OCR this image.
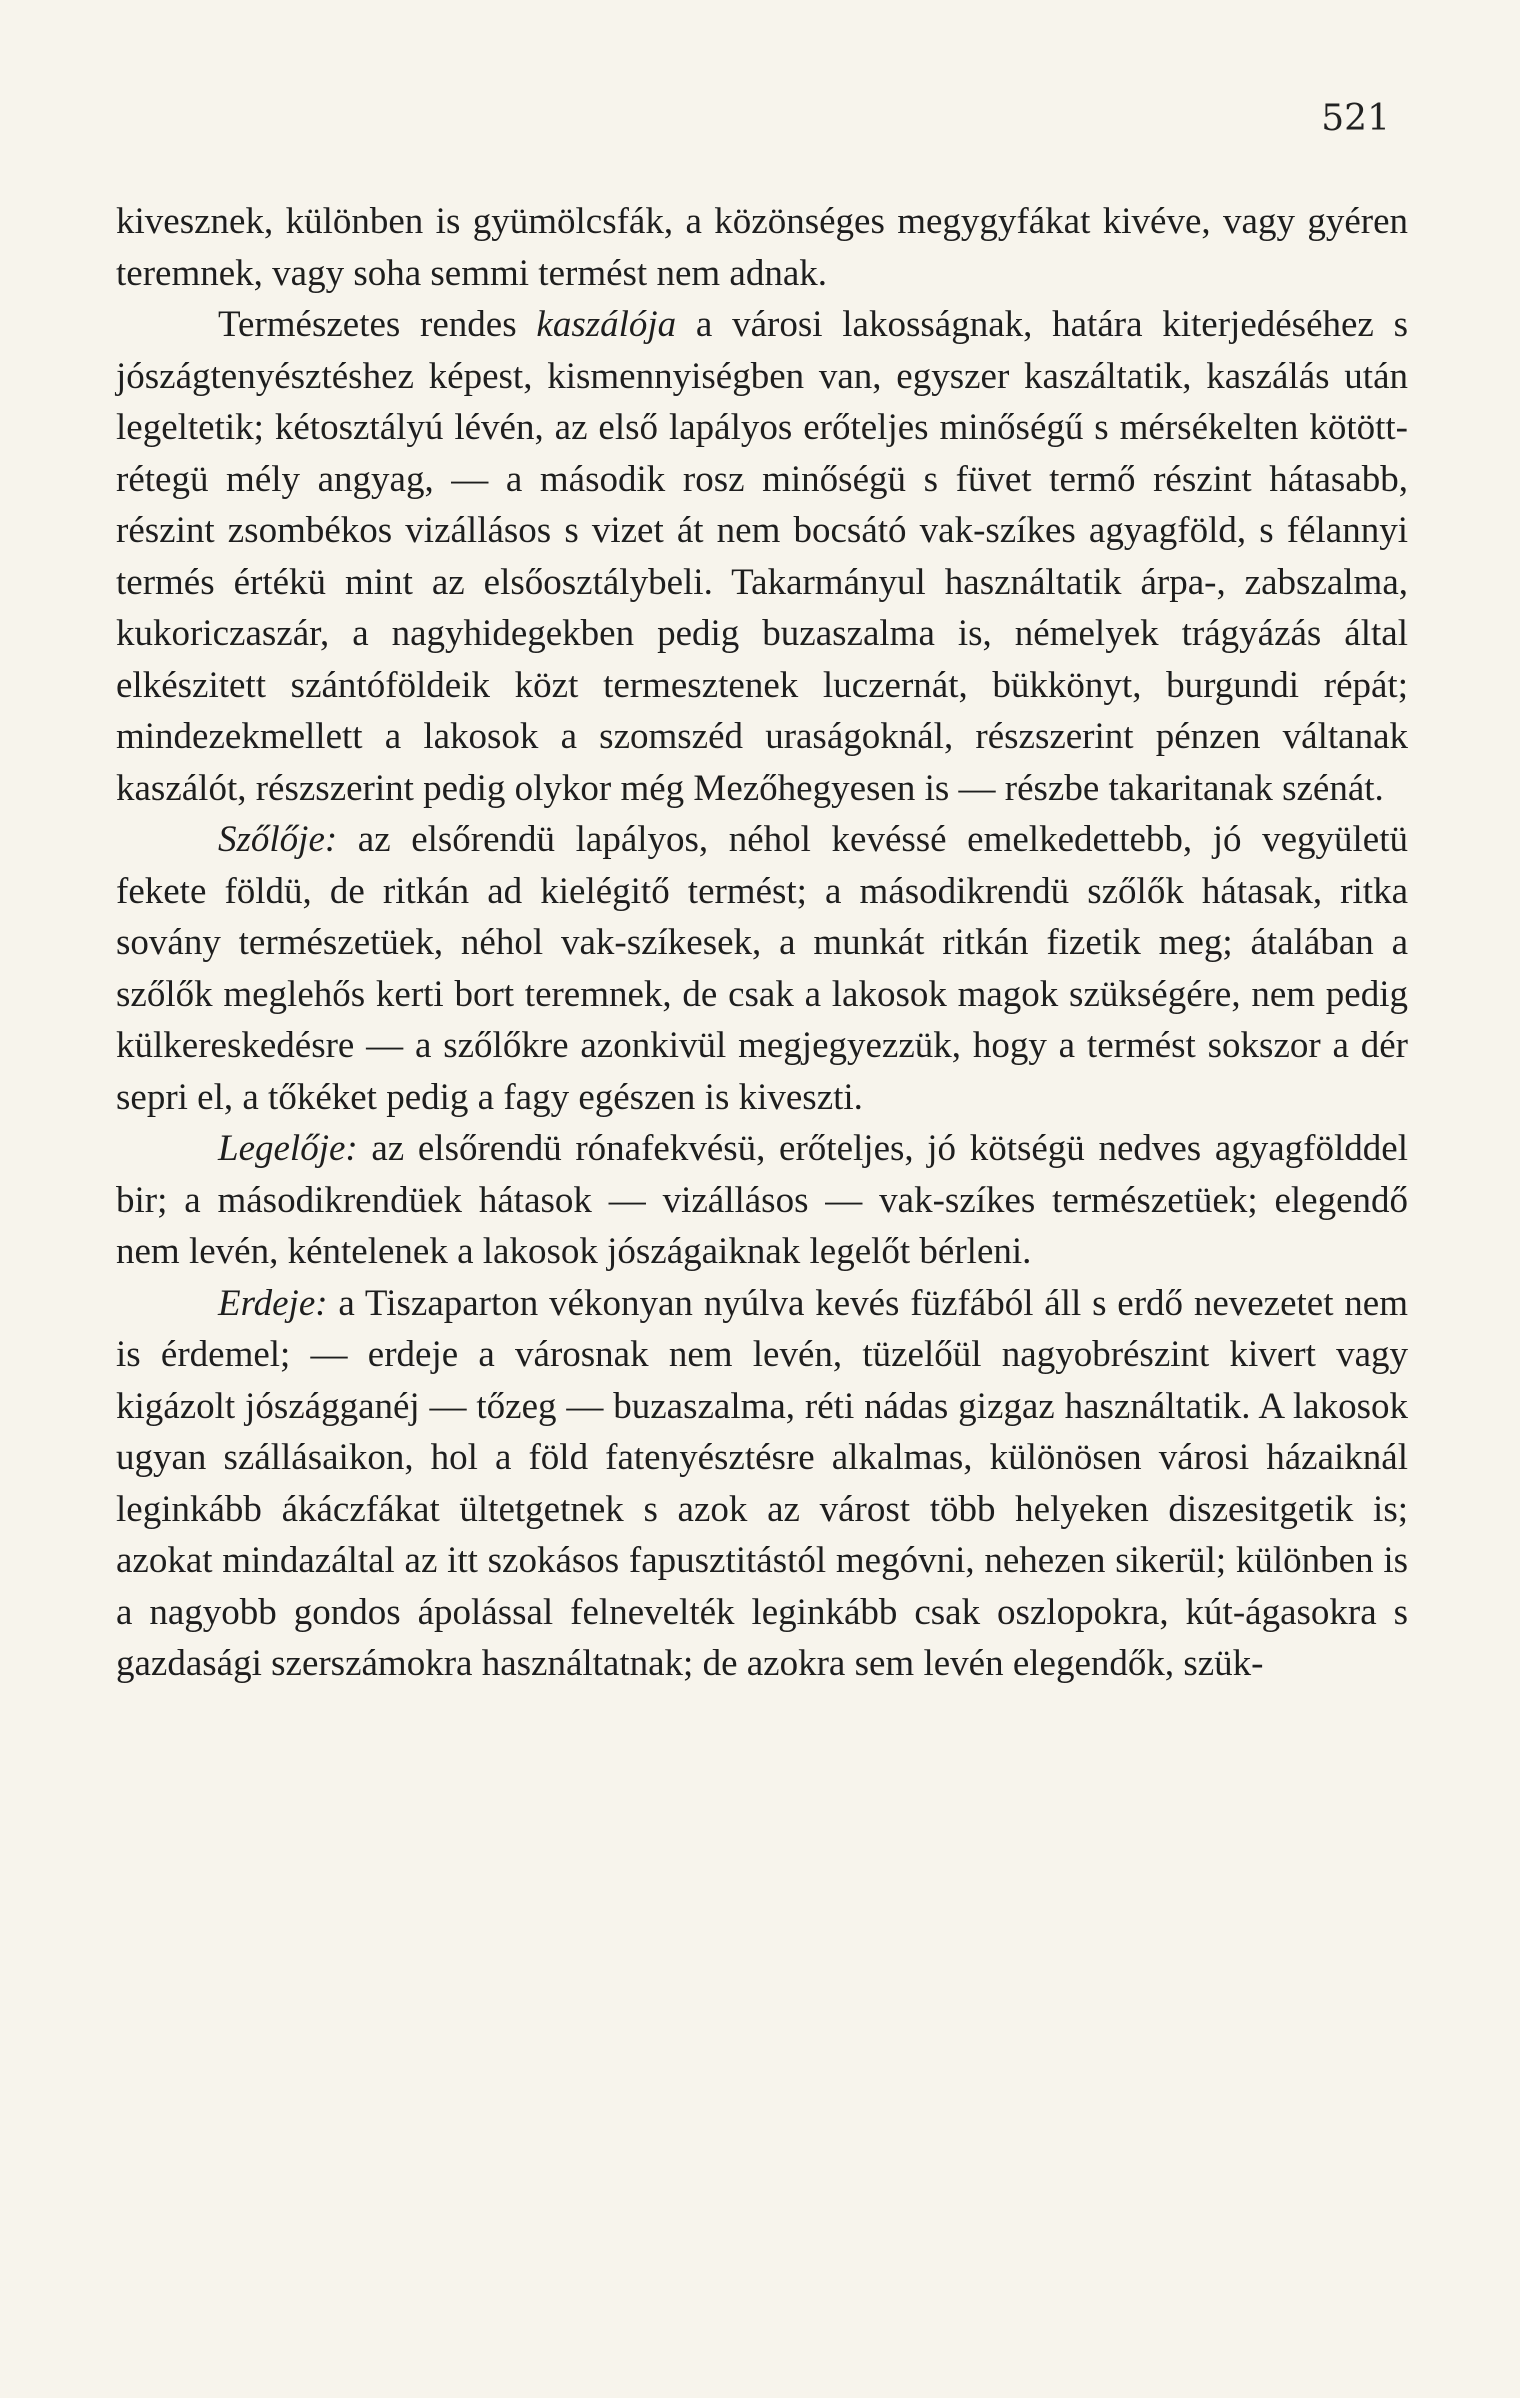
521

kivesznek, különben is gyümölcsfák, a közönséges megygyfákat kivéve, vagy gyéren teremnek, vagy soha semmi termést nem adnak.

Természetes rendes kaszálója a városi lakosságnak, határa kiterjedéséhez s jószágtenyésztéshez képest, kismennyiségben van, egyszer kaszáltatik, kaszálás után legeltetik; kétosztályú lévén, az első lapályos erőteljes minőségű s mérsékelten kötött-rétegü mély angyag, — a második rosz minőségü s füvet termő részint hátasabb, részint zsombékos vizállásos s vizet át nem bocsátó vak-szíkes agyagföld, s félannyi termés értékü mint az elsőosztálybeli. Takarmányul használtatik árpa-, zabszalma, kukoriczaszár, a nagyhidegekben pedig buzaszalma is, némelyek trágyázás által elkészitett szántóföldeik közt termesztenek luczernát, bükkönyt, burgundi répát; mindezekmellett a lakosok a szomszéd uraságoknál, részszerint pénzen váltanak kaszálót, részszerint pedig olykor még Mezőhegyesen is — részbe takaritanak szénát.

Szőlője: az elsőrendü lapályos, néhol kevéssé emelkedettebb, jó vegyületü fekete földü, de ritkán ad kielégitő termést; a másodikrendü szőlők hátasak, ritka sovány természetüek, néhol vak-szíkesek, a munkát ritkán fizetik meg; átalában a szőlők meglehős kerti bort teremnek, de csak a lakosok magok szükségére, nem pedig külkereskedésre — a szőlőkre azonkivül megjegyezzük, hogy a termést sokszor a dér sepri el, a tőkéket pedig a fagy egészen is kiveszti.

Legelője: az elsőrendü rónafekvésü, erőteljes, jó kötségü nedves agyagfölddel bir; a másodikrendüek hátasok — vizállásos — vak-szíkes természetüek; elegendő nem levén, kéntelenek a lakosok jószágaiknak legelőt bérleni.

Erdeje: a Tiszaparton vékonyan nyúlva kevés füzfából áll s erdő nevezetet nem is érdemel; — erdeje a városnak nem levén, tüzelőül nagyobrészint kivert vagy kigázolt jószágganéj — tőzeg — buzaszalma, réti nádas gizgaz használtatik. A lakosok ugyan szállásaikon, hol a föld fatenyésztésre alkalmas, különösen városi házaiknál leginkább ákáczfákat ültetgetnek s azok az várost több helyeken diszesitgetik is; azokat mindazáltal az itt szokásos fapusztitástól megóvni, nehezen sikerül; különben is a nagyobb gondos ápolással felnevelték leginkább csak oszlopokra, kút-ágasokra s gazdasági szerszámokra használtatnak; de azokra sem levén elegendők, szük-
